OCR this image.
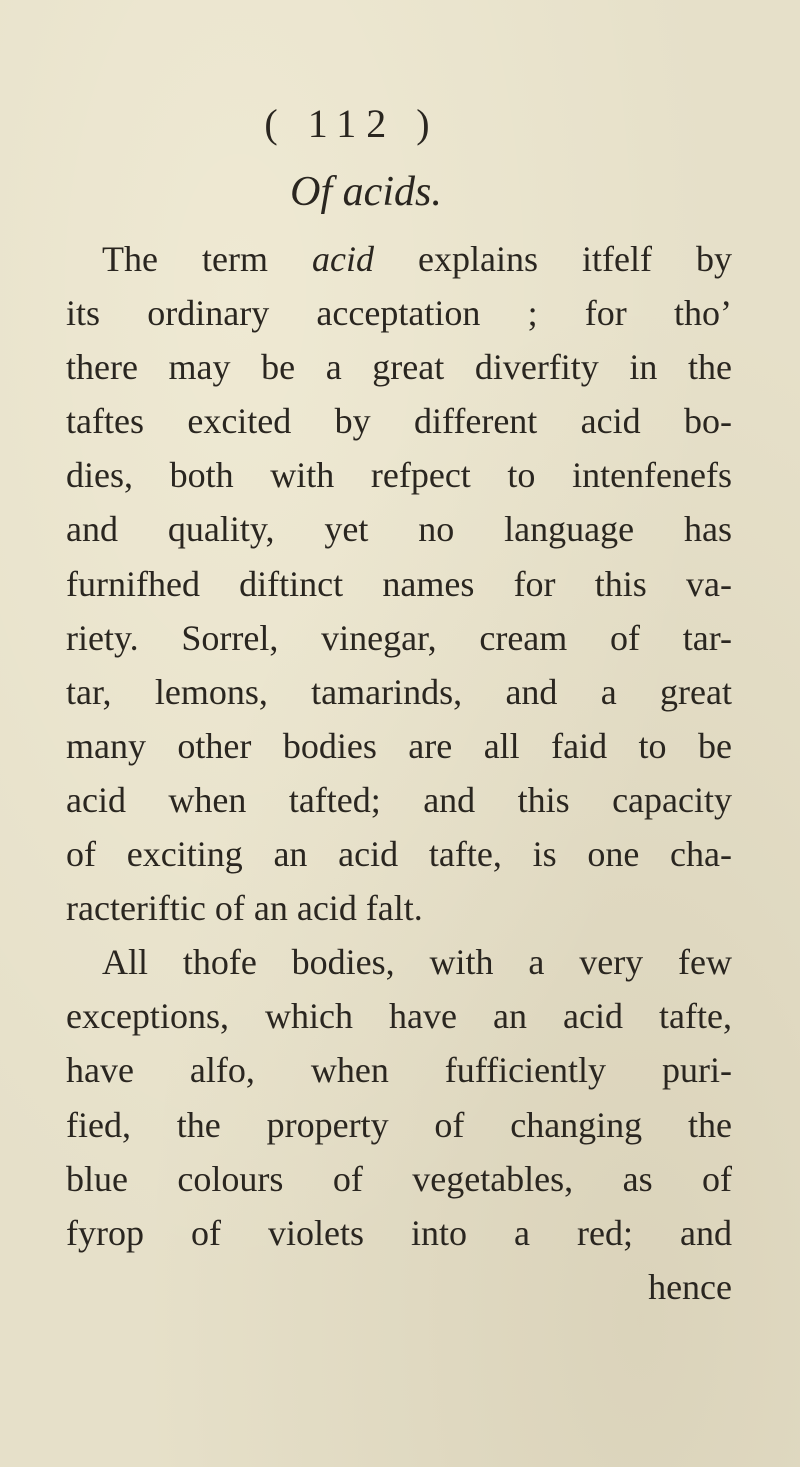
( 112 )
Of acids.
The term acid explains itfelf by
its ordinary acceptation ; for tho’
there may be a great diverfity in the
taftes excited by different acid bo-
dies, both with refpect to intenfenefs
and quality, yet no language has
furnifhed diftinct names for this va-
riety. Sorrel, vinegar, cream of tar-
tar, lemons, tamarinds, and a great
many other bodies are all faid to be
acid when tafted; and this capacity
of exciting an acid tafte, is one cha-
racteriftic of an acid falt.
All thofe bodies, with a very few
exceptions, which have an acid tafte,
have alfo, when fufficiently puri-
fied, the property of changing the
blue colours of vegetables, as of
fyrop of violets into a red; and
hence
